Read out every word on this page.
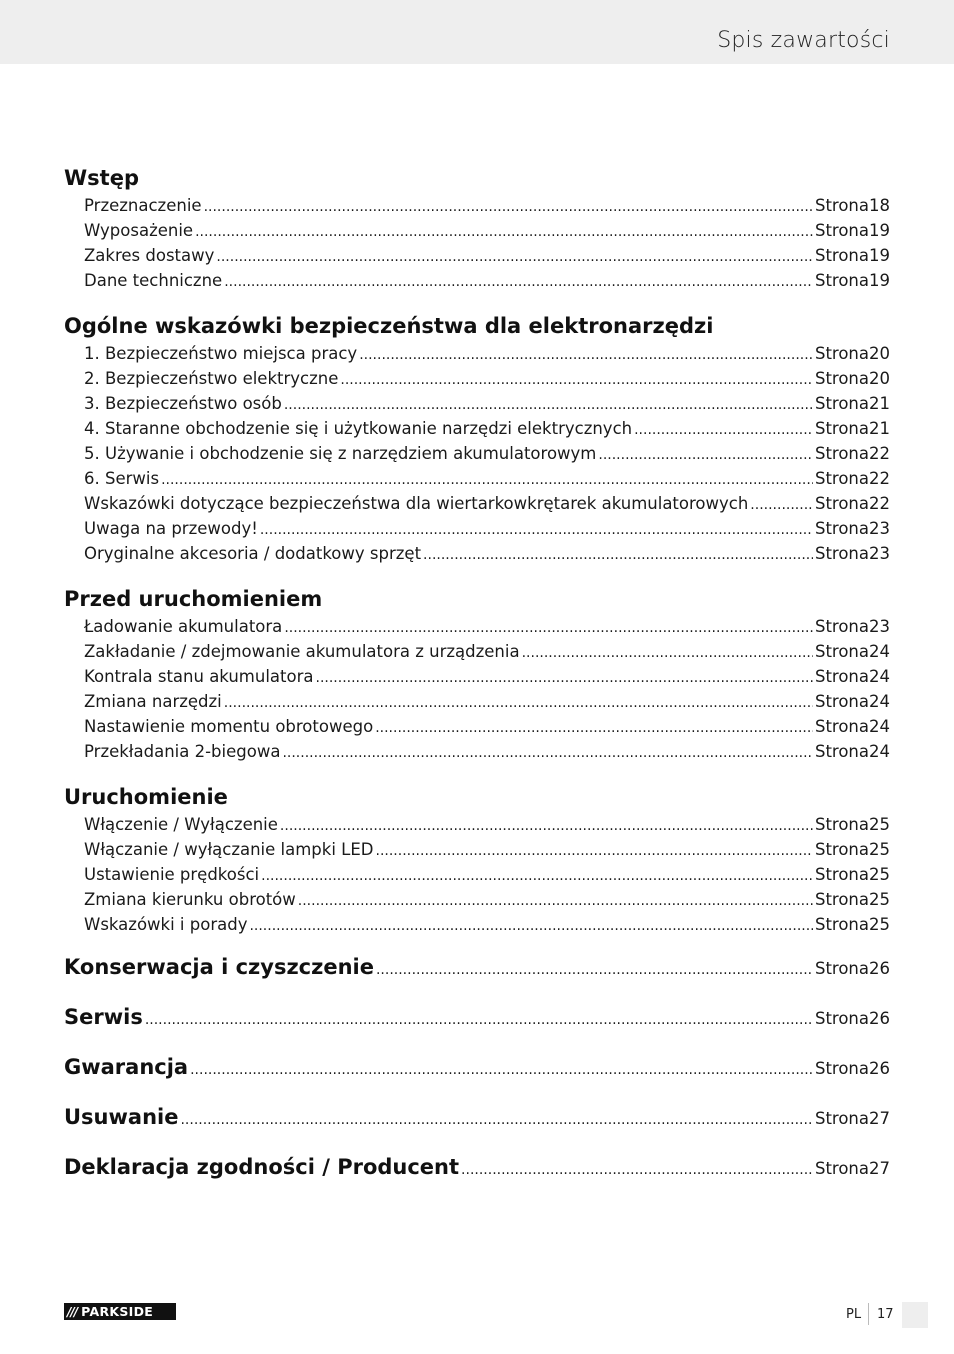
Spis zawartości
Wstęp
Przeznaczenie .....	Strona 18
Wyposażenie .....	Strona 19
Zakres dostawy .....	Strona 19
Dane techniczne .....	Strona 19
Ogólne wskazówki bezpieczeństwa dla elektronarzędzi
1. Bezpieczeństwo miejsca pracy .....	Strona 20
2. Bezpieczeństwo elektryczne .....	Strona 20
3. Bezpieczeństwo osób .....	Strona 21
4. Staranne obchodzenie się i użytkowanie narzędzi elektrycznych .....	Strona 21
5. Używanie i obchodzenie się z narzędziem akumulatorowym .....	Strona 22
6. Serwis .....	Strona 22
Wskazówki dotyczące bezpieczeństwa dla wiertarkowkrętarek akumulatorowych .....	Strona 22
Uwaga na przewody! .....	Strona 23
Oryginalne akcesoria / dodatkowy sprzęt .....	Strona 23
Przed uruchomieniem
Ładowanie akumulatora .....	Strona 23
Zakładanie / zdejmowanie akumulatora z urządzenia .....	Strona 24
Kontrala stanu akumulatora .....	Strona 24
Zmiana narzędzi .....	Strona 24
Nastawienie momentu obrotowego .....	Strona 24
Przekładania 2-biegowa .....	Strona 24
Uruchomienie
Włączenie / Wyłączenie .....	Strona 25
Włączanie / wyłączanie lampki LED .....	Strona 25
Ustawienie prędkości .....	Strona 25
Zmiana kierunku obrotów .....	Strona 25
Wskazówki i porady .....	Strona 25
Konserwacja i czyszczenie .....	Strona 26
Serwis .....	Strona 26
Gwarancja .....	Strona 26
Usuwanie .....	Strona 27
Deklaracja zgodności / Producent .....	Strona 27
/// PARKSIDE	PL 17
